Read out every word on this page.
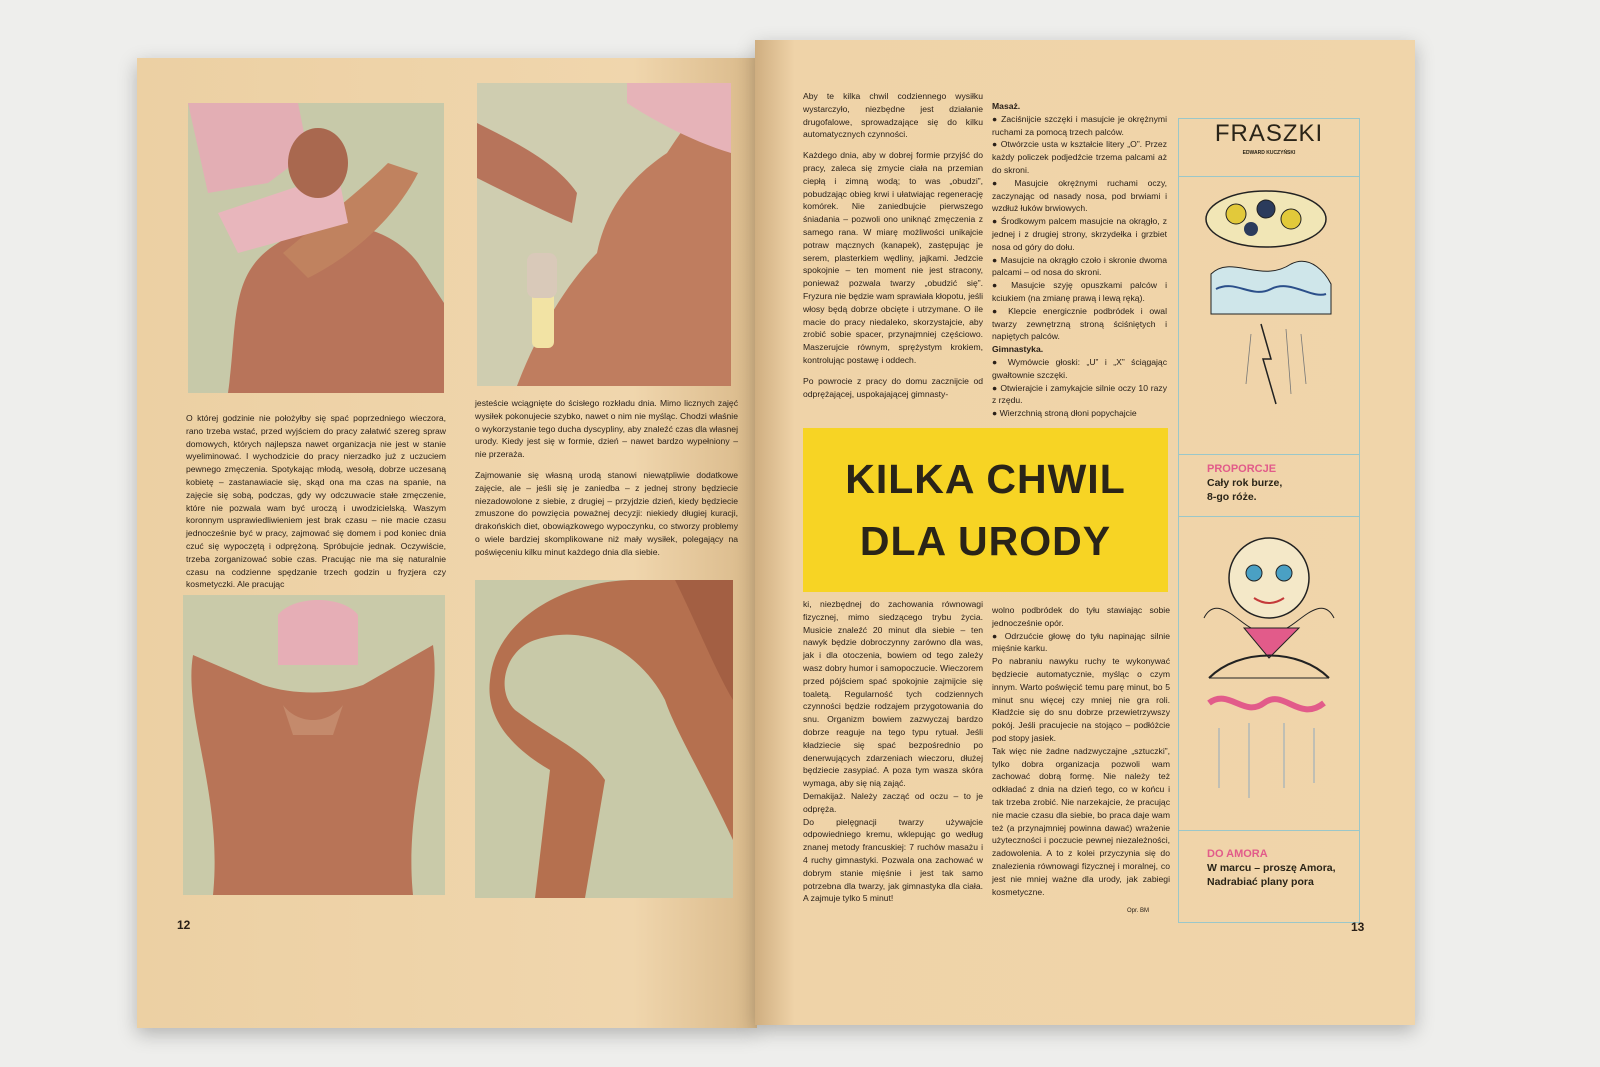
O której godzinie nie położyłby się spać poprzedniego wieczora, rano trzeba wstać, przed wyjściem do pracy załatwić szereg spraw domowych, których najlepsza nawet organizacja nie jest w stanie wyeliminować. I wychodzicie do pracy nierzadko już z uczuciem pewnego zmęczenia. Spotykając młodą, wesołą, dobrze uczesaną kobietę – zastanawiacie się, skąd ona ma czas na spanie, na zajęcie się sobą, podczas, gdy wy odczuwacie stałe zmęczenie, które nie pozwala wam być uroczą i uwodzicielską. Waszym koronnym usprawiedliwieniem jest brak czasu – nie macie czasu jednocześnie być w pracy, zajmować się domem i pod koniec dnia czuć się wypoczętą i odprężoną. Spróbujcie jednak. Oczywiście, trzeba zorganizować sobie czas. Pracując nie ma się naturalnie czasu na codzienne spędzanie trzech godzin u fryzjera czy kosmetyczki. Ale pracując

jesteście wciągnięte do ścisłego rozkładu dnia. Mimo licznych zajęć wysiłek pokonujecie szybko, nawet o nim nie myśląc. Chodzi właśnie o wykorzystanie tego ducha dyscypliny, aby znaleźć czas dla własnej urody. Kiedy jest się w formie, dzień – nawet bardzo wypełniony – nie przeraża.

Zajmowanie się własną urodą stanowi niewątpliwie dodatkowe zajęcie, ale – jeśli się je zaniedba – z jednej strony będziecie niezadowolone z siebie, z drugiej – przyjdzie dzień, kiedy będziecie zmuszone do powzięcia poważnej decyzji: niekiedy długiej kuracji, drakońskich diet, obowiązkowego wypoczynku, co stworzy problemy o wiele bardziej skomplikowane niż mały wysiłek, polegający na poświęceniu kilku minut każdego dnia dla siebie.

12

Aby te kilka chwil codziennego wysiłku wystarczyło, niezbędne jest działanie drugofalowe, sprowadzające się do kilku automatycznych czynności.

Każdego dnia, aby w dobrej formie przyjść do pracy, zaleca się zmycie ciała na przemian ciepłą i zimną wodą; to was „obudzi”, pobudzając obieg krwi i ułatwiając regenerację komórek. Nie zaniedbujcie pierwszego śniadania – pozwoli ono uniknąć zmęczenia z samego rana. W miarę możliwości unikajcie potraw mącznych (kanapek), zastępując je serem, plasterkiem wędliny, jajkami. Jedzcie spokojnie – ten moment nie jest stracony, ponieważ pozwala twarzy „obudzić się”. Fryzura nie będzie wam sprawiała kłopotu, jeśli włosy będą dobrze obcięte i utrzymane. O ile macie do pracy niedaleko, skorzystajcie, aby zrobić sobie spacer, przynajmniej częściowo. Maszerujcie równym, sprężystym krokiem, kontrolując postawę i oddech.

Po powrocie z pracy do domu zacznijcie od odprężającej, uspokajającej gimnasty-

Masaż.

● Zaciśnijcie szczęki i masujcie je okrężnymi ruchami za pomocą trzech palców.

● Otwórzcie usta w kształcie litery „O”. Przez każdy policzek podjedźcie trzema palcami aż do skroni.

● Masujcie okrężnymi ruchami oczy, zaczynając od nasady nosa, pod brwiami i wzdłuż łuków brwiowych.

● Środkowym palcem masujcie na okrągło, z jednej i z drugiej strony, skrzydełka i grzbiet nosa od góry do dołu.

● Masujcie na okrągło czoło i skronie dwoma palcami – od nosa do skroni.

● Masujcie szyję opuszkami palców i kciukiem (na zmianę prawą i lewą ręką).

● Klepcie energicznie podbródek i owal twarzy zewnętrzną stroną ściśniętych i napiętych palców.

Gimnastyka.

● Wymówcie głoski: „U” i „X” ściągając gwałtownie szczęki.

● Otwierajcie i zamykajcie silnie oczy 10 razy z rzędu.

● Wierzchnią stroną dłoni popychajcie

KILKA CHWIL
DLA URODY

ki, niezbędnej do zachowania równowagi fizycznej, mimo siedzącego trybu życia. Musicie znaleźć 20 minut dla siebie – ten nawyk będzie dobroczynny zarówno dla was, jak i dla otoczenia, bowiem od tego zależy wasz dobry humor i samopoczucie. Wieczorem przed pójściem spać spokojnie zajmijcie się toaletą. Regularność tych codziennych czynności będzie rodzajem przygotowania do snu. Organizm bowiem zazwyczaj bardzo dobrze reaguje na tego typu rytuał. Jeśli kładziecie się spać bezpośrednio po denerwujących zdarzeniach wieczoru, dłużej będziecie zasypiać. A poza tym wasza skóra wymaga, aby się nią zająć.

Demakijaż. Należy zacząć od oczu – to je odpręża.

Do pielęgnacji twarzy używajcie odpowiedniego kremu, wklepując go według znanej metody francuskiej: 7 ruchów masażu i 4 ruchy gimnastyki. Pozwala ona zachować w dobrym stanie mięśnie i jest tak samo potrzebna dla twarzy, jak gimnastyka dla ciała. A zajmuje tylko 5 minut!

wolno podbródek do tyłu stawiając sobie jednocześnie opór.

● Odrzućcie głowę do tyłu napinając silnie mięśnie karku.

Po nabraniu nawyku ruchy te wykonywać będziecie automatycznie, myśląc o czym innym. Warto poświęcić temu parę minut, bo 5 minut snu więcej czy mniej nie gra roli. Kładźcie się do snu dobrze przewietrzywszy pokój. Jeśli pracujecie na stojąco – podłóżcie pod stopy jasiek.

Tak więc nie żadne nadzwyczajne „sztuczki”, tylko dobra organizacja pozwoli wam zachować dobrą formę. Nie należy też odkładać z dnia na dzień tego, co w końcu i tak trzeba zrobić. Nie narzekajcie, że pracując nie macie czasu dla siebie, bo praca daje wam też (a przynajmniej powinna dawać) wrażenie użyteczności i poczucie pewnej niezależności, zadowolenia. A to z kolei przyczynia się do znalezienia równowagi fizycznej i moralnej, co jest nie mniej ważne dla urody, jak zabiegi kosmetyczne.

Opr. BM
FRASZKI
EDWARD KUCZYŃSKI
PROPORCJE
Cały rok burze,
8-go róże.
DO AMORA
W marcu – proszę Amora,
Nadrabiać plany pora
13
